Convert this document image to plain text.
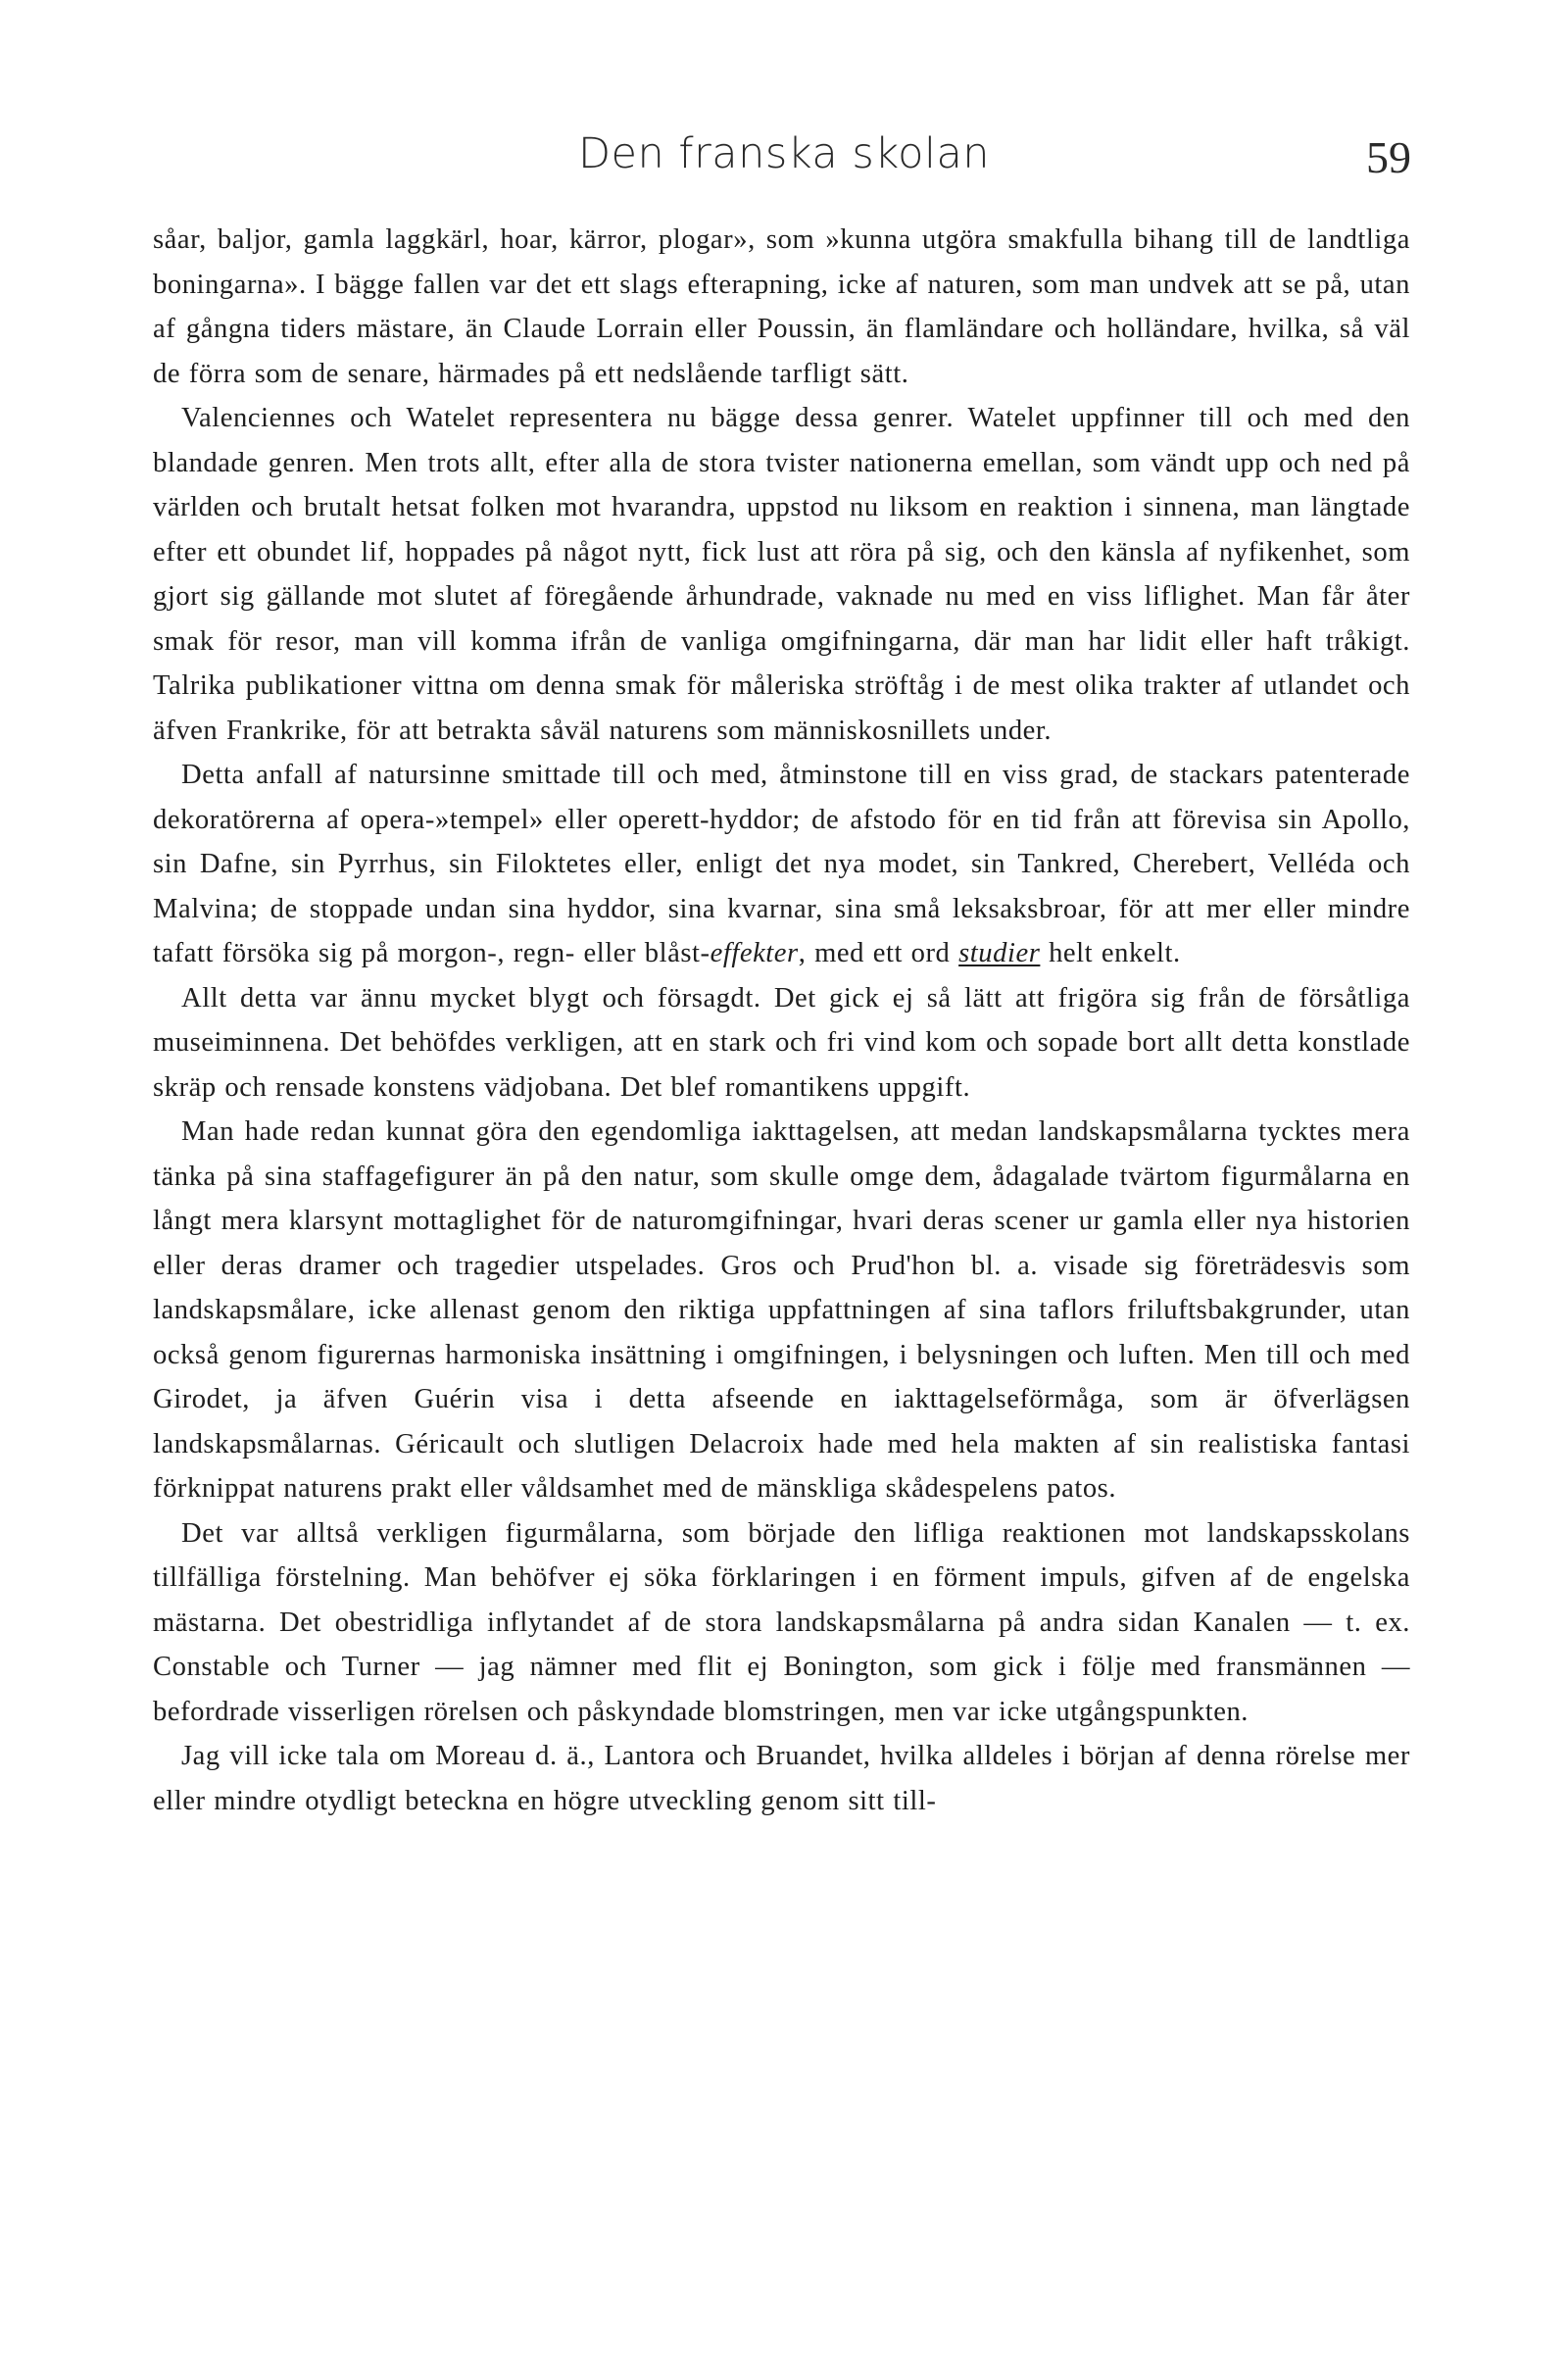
Den franska skolan	59

såar, baljor, gamla laggkärl, hoar, kärror, plogar», som »kunna utgöra smakfulla bihang till de landtliga boningarna». I bägge fallen var det ett slags efterapning, icke af naturen, som man undvek att se på, utan af gångna tiders mästare, än Claude Lorrain eller Poussin, än flamländare och holländare, hvilka, så väl de förra som de senare, härmades på ett nedslående tarfligt sätt.

Valenciennes och Watelet representera nu bägge dessa genrer. Watelet uppfinner till och med den blandade genren. Men trots allt, efter alla de stora tvister nationerna emellan, som vändt upp och ned på världen och brutalt hetsat folken mot hvarandra, uppstod nu liksom en reaktion i sinnena, man längtade efter ett obundet lif, hoppades på något nytt, fick lust att röra på sig, och den känsla af nyfikenhet, som gjort sig gällande mot slutet af föregående århundrade, vaknade nu med en viss liflighet. Man får åter smak för resor, man vill komma ifrån de vanliga omgifningarna, där man har lidit eller haft tråkigt. Talrika publikationer vittna om denna smak för måleriska ströftåg i de mest olika trakter af utlandet och äfven Frankrike, för att betrakta såväl naturens som människosnillets under.

Detta anfall af natursinne smittade till och med, åtminstone till en viss grad, de stackars patenterade dekoratörerna af opera-»tempel» eller operett-hyddor; de afstodo för en tid från att förevisa sin Apollo, sin Dafne, sin Pyrrhus, sin Filoktetes eller, enligt det nya modet, sin Tankred, Cherebert, Velléda och Malvina; de stoppade undan sina hyddor, sina kvarnar, sina små leksaksbroar, för att mer eller mindre tafatt försöka sig på morgon-, regn- eller blåst-effekter, med ett ord studier helt enkelt.

Allt detta var ännu mycket blygt och försagdt. Det gick ej så lätt att frigöra sig från de försåtliga museiminnena. Det behöfdes verkligen, att en stark och fri vind kom och sopade bort allt detta konstlade skräp och rensade konstens vädjobana. Det blef romantikens uppgift.

Man hade redan kunnat göra den egendomliga iakttagelsen, att medan landskapsmålarna tycktes mera tänka på sina staffagefigurer än på den natur, som skulle omge dem, ådagalade tvärtom figurmålarna en långt mera klarsynt mottaglighet för de naturomgifningar, hvari deras scener ur gamla eller nya historien eller deras dramer och tragedier utspelades. Gros och Prud'hon bl. a. visade sig företrädesvis som landskapsmålare, icke allenast genom den riktiga uppfattningen af sina taflors friluftsbakgrunder, utan också genom figurernas harmoniska insättning i omgifningen, i belysningen och luften. Men till och med Girodet, ja äfven Guérin visa i detta afseende en iakttagelseförmåga, som är öfverlägsen landskapsmålarnas. Géricault och slutligen Delacroix hade med hela makten af sin realistiska fantasi förknippat naturens prakt eller våldsamhet med de mänskliga skådespelens patos.

Det var alltså verkligen figurmålarna, som började den lifliga reaktionen mot landskapsskolans tillfälliga förstelning. Man behöfver ej söka förklaringen i en förment impuls, gifven af de engelska mästarna. Det obestridliga inflytandet af de stora landskapsmålarna på andra sidan Kanalen — t. ex. Constable och Turner — jag nämner med flit ej Bonington, som gick i följe med fransmännen — befordrade visserligen rörelsen och påskyndade blomstringen, men var icke utgångspunkten.

Jag vill icke tala om Moreau d. ä., Lantora och Bruandet, hvilka alldeles i början af denna rörelse mer eller mindre otydligt beteckna en högre utveckling genom sitt till-
